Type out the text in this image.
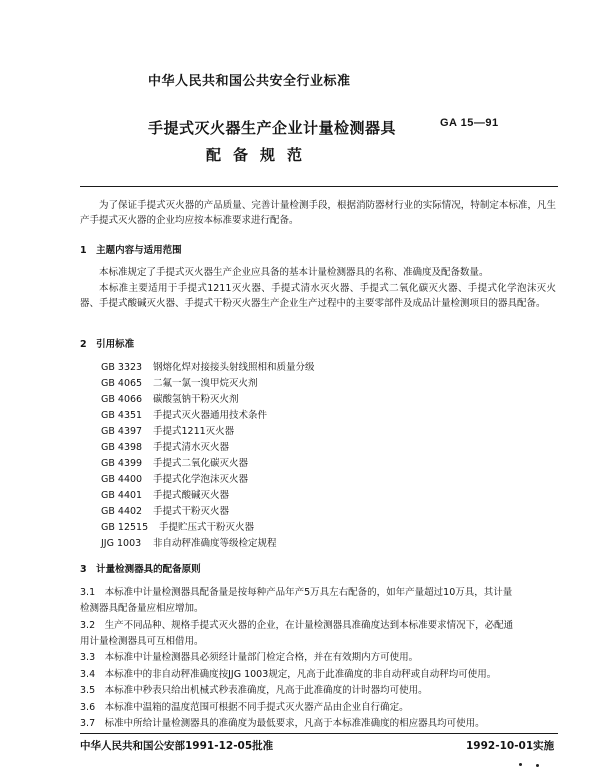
中华人民共和国公共安全行业标准
手提式灭火器生产企业计量检测器具
配备规范
GA 15—91
为了保证手提式灭火器的产品质量、完善计量检测手段，根据消防器材行业的实际情况，特制定本标准，凡生产手提式灭火器的企业均应按本标准要求进行配备。
1　主题内容与适用范围
本标准规定了手提式灭火器生产企业应具备的基本计量检测器具的名称、准确度及配备数量。
本标准主要适用于手提式1211灭火器、手提式清水灭火器、手提式二氧化碳灭火器、手提式化学泡沫灭火器、手提式酸碱灭火器、手提式干粉灭火器生产企业生产过程中的主要零部件及成品计量检测项目的器具配备。
2　引用标准
GB 3323 钢熔化焊对接接头射线照相和质量分级
GB 4065 二氟一氯一溴甲烷灭火剂
GB 4066 碳酸氢钠干粉灭火剂
GB 4351 手提式灭火器通用技术条件
GB 4397 手提式1211灭火器
GB 4398 手提式清水灭火器
GB 4399 手提式二氧化碳灭火器
GB 4400 手提式化学泡沫灭火器
GB 4401 手提式酸碱灭火器
GB 4402 手提式干粉灭火器
GB 12515 手提贮压式干粉灭火器
JJG 1003 非自动秤准确度等级检定规程
3　计量检测器具的配备原则
3.1　本标准中计量检测器具配备量是按每种产品年产5万具左右配备的，如年产量超过10万具，其计量
检测器具配备量应相应增加。
3.2　生产不同品种、规格手提式灭火器的企业，在计量检测器具准确度达到本标准要求情况下，必配通
用计量检测器具可互相借用。
3.3　本标准中计量检测器具必须经计量部门检定合格，并在有效期内方可使用。
3.4　本标准中的非自动秤准确度按JJG 1003规定，凡高于此准确度的非自动秤或自动秤均可使用。
3.5　本标准中秒表只给出机械式秒表准确度，凡高于此准确度的计时器均可使用。
3.6　本标准中温箱的温度范围可根据不同手提式灭火器产品由企业自行确定。
3.7　标准中所给计量检测器具的准确度为最低要求，凡高于本标准准确度的相应器具均可使用。
中华人民共和国公安部1991-12-05批准	1992-10-01实施
